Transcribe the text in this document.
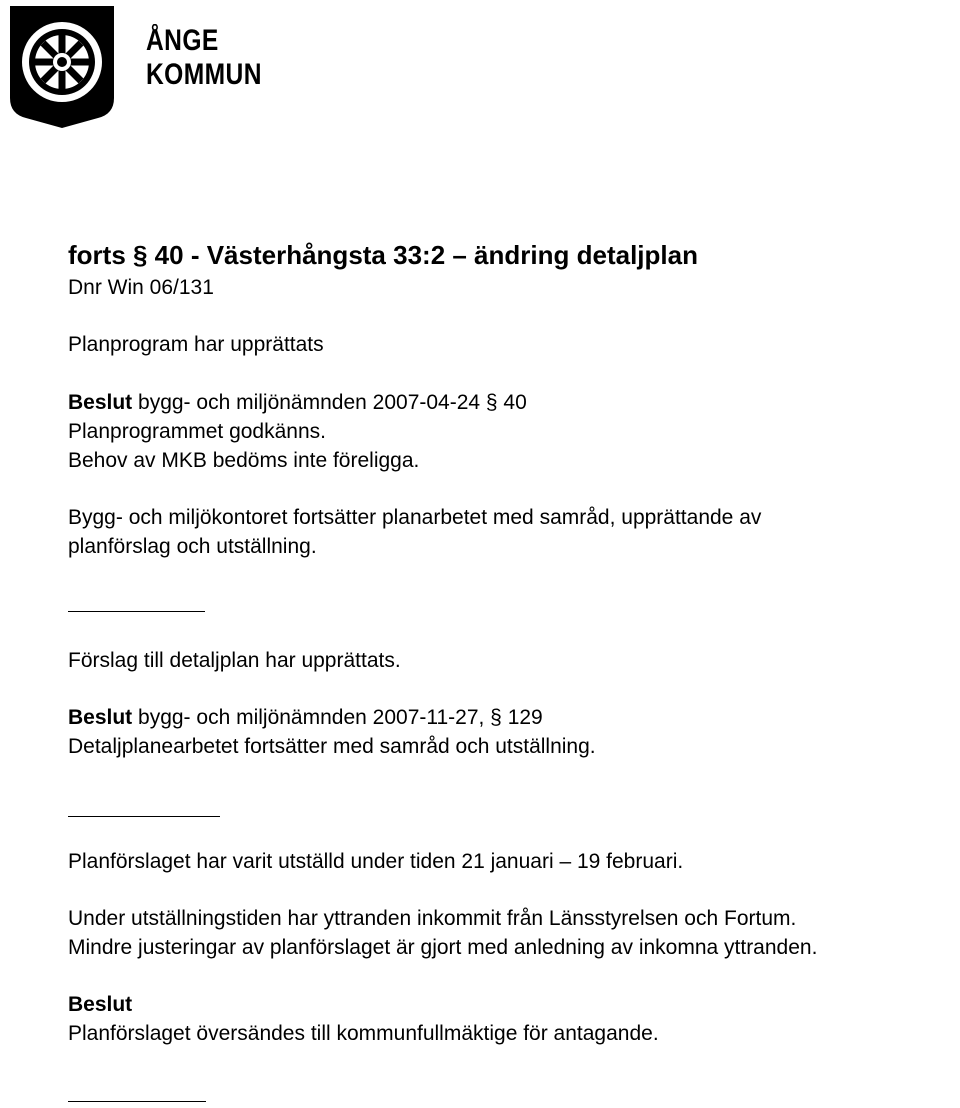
ÅNGE
KOMMUN

forts § 40 - Västerhångsta 33:2 – ändring detaljplan

Dnr Win 06/131

Planprogram har upprättats

Beslut bygg- och miljönämnden 2007-04-24 § 40

Planprogrammet godkänns.

Behov av MKB bedöms inte föreligga.

Bygg- och miljökontoret fortsätter planarbetet med samråd, upprättande av

planförslag och utställning.

Förslag till detaljplan har upprättats.

Beslut bygg- och miljönämnden 2007-11-27, § 129

Detaljplanearbetet fortsätter med samråd och utställning.

Planförslaget har varit utställd under tiden 21 januari – 19 februari.

Under utställningstiden har yttranden inkommit från Länsstyrelsen och Fortum.

Mindre justeringar av planförslaget är gjort med anledning av inkomna yttranden.

Beslut

Planförslaget översändes till kommunfullmäktige för antagande.
